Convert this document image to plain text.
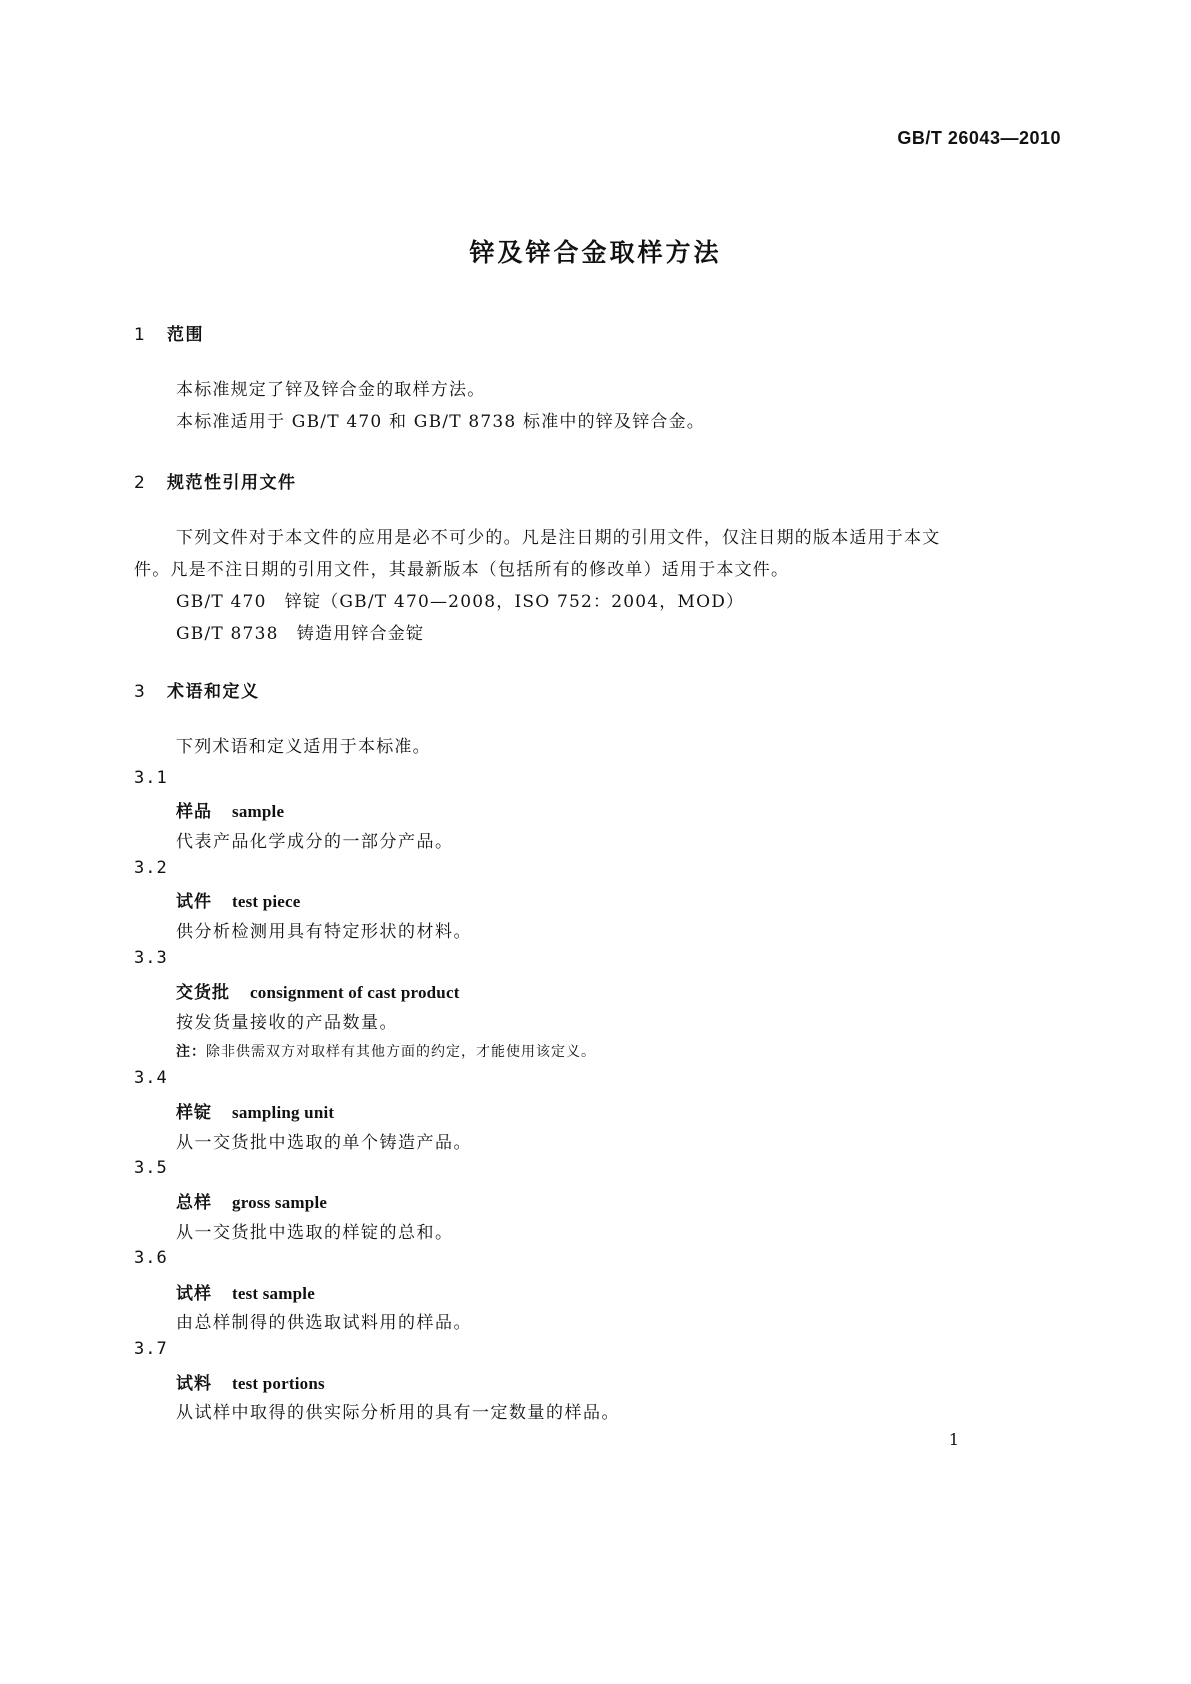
GB/T 26043—2010
锌及锌合金取样方法
1 范围
本标准规定了锌及锌合金的取样方法。
本标准适用于 GB/T 470 和 GB/T 8738 标准中的锌及锌合金。
2 规范性引用文件
下列文件对于本文件的应用是必不可少的。凡是注日期的引用文件，仅注日期的版本适用于本文
件。凡是不注日期的引用文件，其最新版本（包括所有的修改单）适用于本文件。
GB/T 470　锌锭（GB/T 470—2008，ISO 752：2004，MOD）
GB/T 8738　铸造用锌合金锭
3 术语和定义
下列术语和定义适用于本标准。
3.1
样品 sample
代表产品化学成分的一部分产品。
3.2
试件 test piece
供分析检测用具有特定形状的材料。
3.3
交货批 consignment of cast product
按发货量接收的产品数量。
注：除非供需双方对取样有其他方面的约定，才能使用该定义。
3.4
样锭 sampling unit
从一交货批中选取的单个铸造产品。
3.5
总样 gross sample
从一交货批中选取的样锭的总和。
3.6
试样 test sample
由总样制得的供选取试料用的样品。
3.7
试料 test portions
从试样中取得的供实际分析用的具有一定数量的样品。
1
